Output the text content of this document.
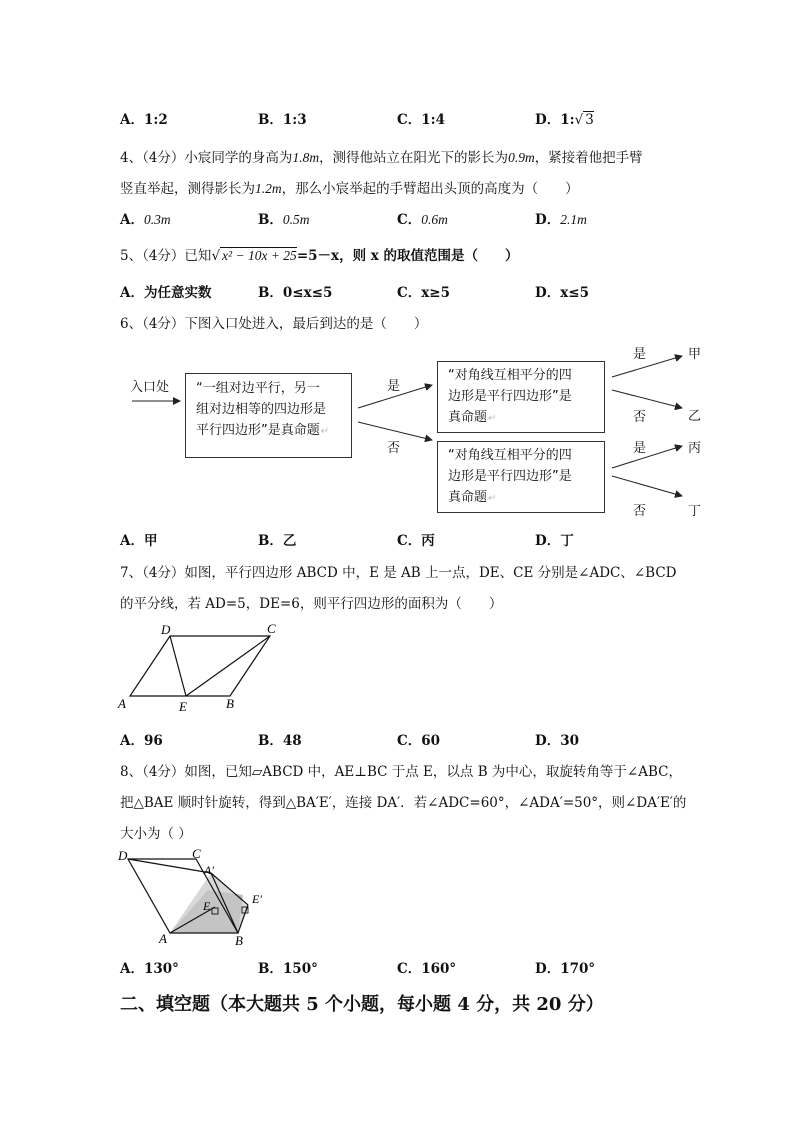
A．1:2	B．1:3	C．1:4	D．1:√ 3
4、（4分）小宸同学的身高为1.8m，测得他站立在阳光下的影长为0.9m，紧接着他把手臂
竖直举起，测得影长为1.2m，那么小宸举起的手臂超出头顶的高度为（　　）
A．0.3m	B．0.5m	C．0.6m	D．2.1m
5、（4分）已知√ x² − 10x + 25=5－x，则 x 的取值范围是（　　）
A．为任意实数	B．0≤x≤5	C．x≥5	D．x≤5
6、（4分）下图入口处进入，最后到达的是（　　）
入口处 “一组对边平行，另一
组对边相等的四边形是
平行四边形”是真命题↵
“对角线互相平分的四
边形是平行四边形”是
真命题↵
“对角线互相平分的四
边形是平行四边形”是
真命题↵
是
否
是
否
是
否
甲
乙
丙
丁
A．甲	B．乙	C．丙	D．丁
7、（4分）如图，平行四边形 ABCD 中，E 是 AB 上一点，DE、CE 分别是∠ADC、∠BCD
的平分线，若 AD=5，DE=6，则平行四边形的面积为（　　）
A	B
C
D
E
A．96	B．48	C．60	D．30
8、（4分）如图，已知▱ABCD 中，AE⊥BC 于点 E，以点 B 为中心，取旋转角等于∠ABC，
把△BAE 顺时针旋转，得到△BA′E′，连接 DA′．若∠ADC=60°，∠ADA′=50°，则∠DA′E′的
大小为（ ）
D	C
A′
E′
E
A	B
A．130°	B．150°	C．160°	D．170°
二、填空题（本大题共 5 个小题，每小题 4 分，共 20 分）
